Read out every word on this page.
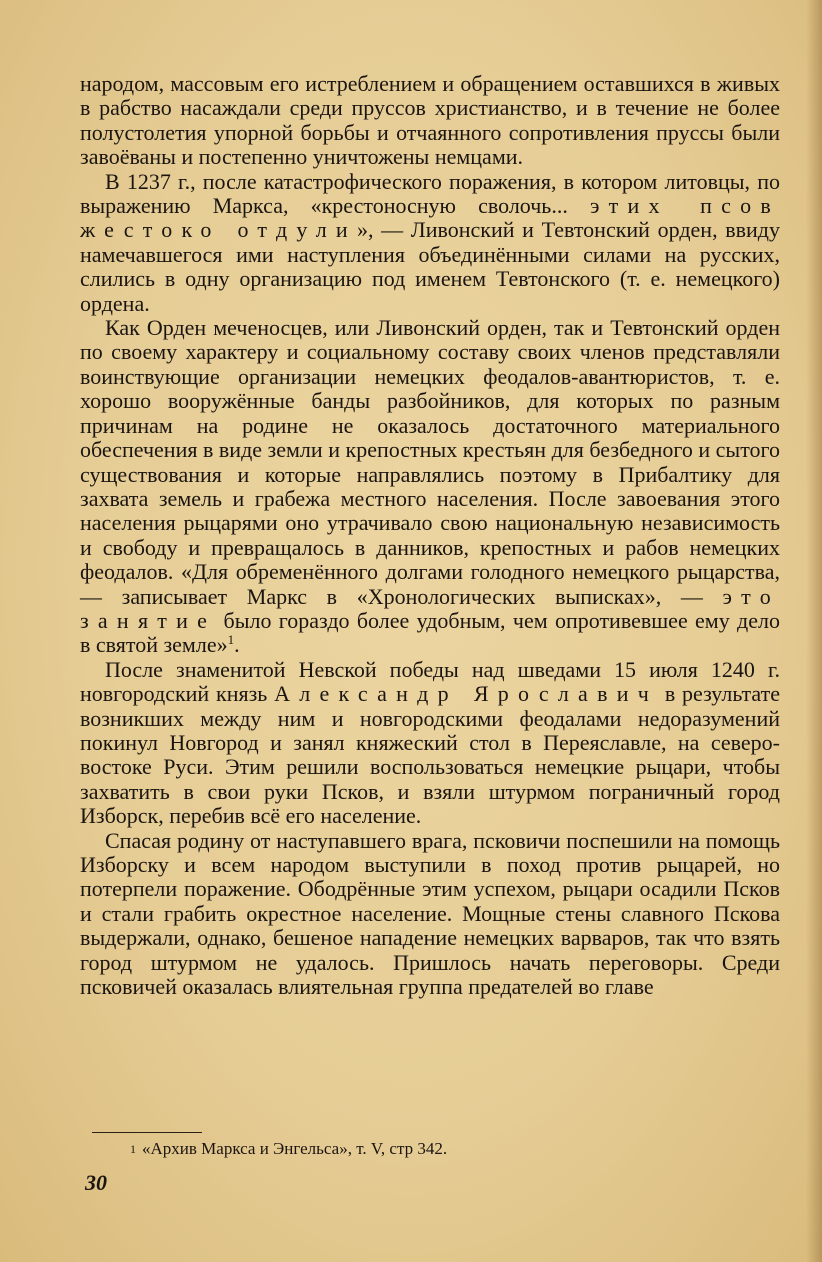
народом, массовым его истреблением и обращением оставшихся в живых в рабство насаждали среди пруссов христианство, и в течение не более полустолетия упорной борьбы и отчаянного сопротивления пруссы были завоёваны и постепенно уничтожены немцами.

В 1237 г., после катастрофического поражения, в котором литовцы, по выражению Маркса, «крестоносную сволочь... этих псов жестоко отдули», — Ливонский и Тевтонский орден, ввиду намечавшегося ими наступления объединёнными силами на русских, слились в одну организацию под именем Тевтонского (т. е. немецкого) ордена.

Как Орден меченосцев, или Ливонский орден, так и Тевтонский орден по своему характеру и социальному составу своих членов представляли воинствующие организации немецких феодалов-авантюристов, т. е. хорошо вооружённые банды разбойников, для которых по разным причинам на родине не оказалось достаточного материального обеспечения в виде земли и крепостных крестьян для безбедного и сытого существования и которые направлялись поэтому в Прибалтику для захвата земель и грабежа местного населения. После завоевания этого населения рыцарями оно утрачивало свою национальную независимость и свободу и превращалось в данников, крепостных и рабов немецких феодалов. «Для обременённого долгами голодного немецкого рыцарства, — записывает Маркс в «Хронологических выписках», — это занятие было гораздо более удобным, чем опротивевшее ему дело в святой земле»$^1$.

После знаменитой Невской победы над шведами 15 июля 1240 г. новгородский князь Александр Ярославич в результате возникших между ним и новгородскими феодалами недоразумений покинул Новгород и занял княжеский стол в Переяславле, на северо-востоке Руси. Этим решили воспользоваться немецкие рыцари, чтобы захватить в свои руки Псков, и взяли штурмом пограничный город Изборск, перебив всё его население.

Спасая родину от наступавшего врага, псковичи поспешили на помощь Изборску и всем народом выступили в поход против рыцарей, но потерпели поражение. Ободрённые этим успехом, рыцари осадили Псков и стали грабить окрестное население. Мощные стены славного Пскова выдержали, однако, бешеное нападение немецких варваров, так что взять город штурмом не удалось. Пришлось начать переговоры. Среди псковичей оказалась влиятельная группа предателей во главе

$^1$ «Архив Маркса и Энгельса», т. V, стр 342.
30
